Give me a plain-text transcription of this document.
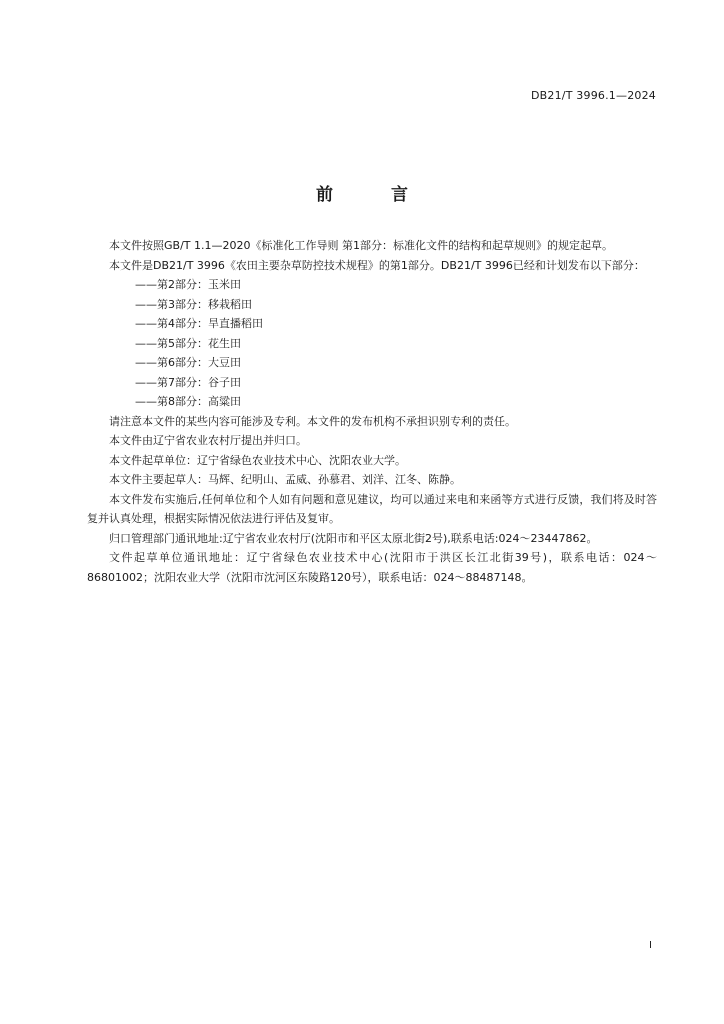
DB21/T 3996.1—2024
前 言

本文件按照GB/T 1.1—2020《标准化工作导则 第1部分：标准化文件的结构和起草规则》的规定起草。

本文件是DB21/T 3996《农田主要杂草防控技术规程》的第1部分。DB21/T 3996已经和计划发布以下部分：

——第2部分：玉米田

——第3部分：移栽稻田

——第4部分：旱直播稻田

——第5部分：花生田

——第6部分：大豆田

——第7部分：谷子田

——第8部分：高粱田

请注意本文件的某些内容可能涉及专利。本文件的发布机构不承担识别专利的责任。

本文件由辽宁省农业农村厅提出并归口。

本文件起草单位：辽宁省绿色农业技术中心、沈阳农业大学。

本文件主要起草人：马辉、纪明山、孟威、孙慕君、刘洋、江冬、陈静。

本文件发布实施后,任何单位和个人如有问题和意见建议，均可以通过来电和来函等方式进行反馈，我们将及时答复并认真处理，根据实际情况依法进行评估及复审。

归口管理部门通讯地址:辽宁省农业农村厅(沈阳市和平区太原北街2号),联系电话:024～23447862。

文件起草单位通讯地址：辽宁省绿色农业技术中心(沈阳市于洪区长江北街39号)，联系电话：024～86801002；沈阳农业大学（沈阳市沈河区东陵路120号），联系电话：024～88487148。

I
